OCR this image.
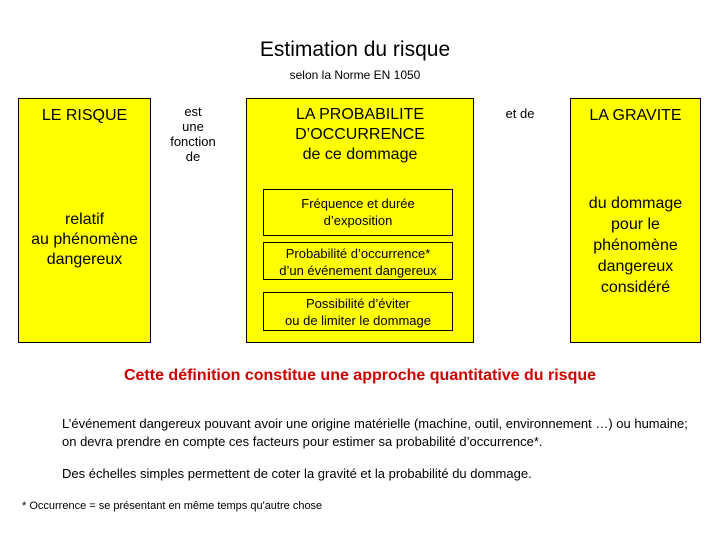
Estimation du risque
selon la Norme EN 1050
LE RISQUE
relatif
au phénomène
dangereux
est
une
fonction
de
LA PROBABILITE
D’OCCURRENCE
de ce dommage
Fréquence et durée
d’exposition
Probabilité d’occurrence*
d’un événement dangereux
Possibilité d’éviter
ou de limiter le dommage
et de	LA GRAVITE
du dommage
pour le
phénomène
dangereux
considéré
Cette définition constitue une approche quantitative du risque
L’événement dangereux pouvant avoir une origine matérielle (machine, outil, environnement …) ou humaine; on devra prendre en compte ces facteurs pour estimer sa probabilité d’occurrence*.
Des échelles simples permettent de coter la gravité et la probabilité du dommage.
* Occurrence = se présentant en même temps qu'autre chose
